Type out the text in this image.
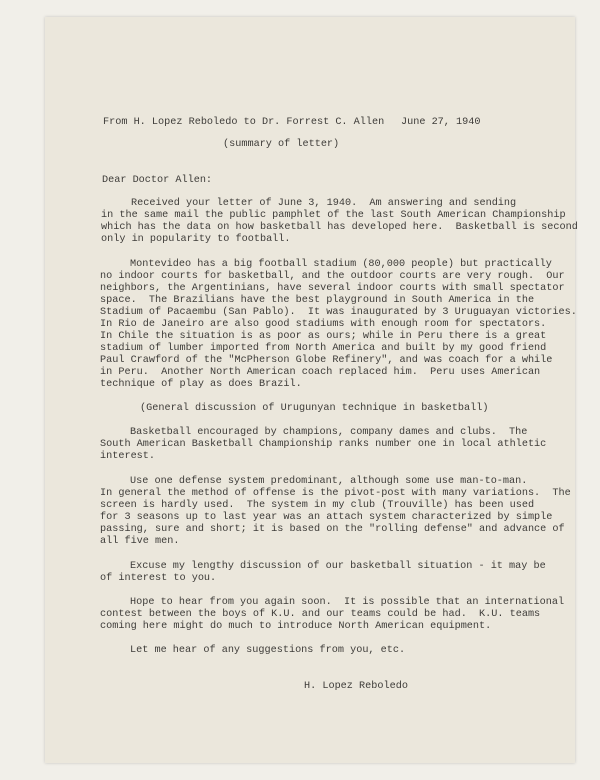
From H. Lopez Reboledo to Dr. Forrest C. Allen June 27, 1940

(summary of letter)

Dear Doctor Allen:

Received your letter of June 3, 1940.  Am answering and sending

in the same mail the public pamphlet of the last South American Championship

which has the data on how basketball has developed here.  Basketball is second

only in popularity to football.

Montevideo has a big football stadium (80,000 people) but practically

no indoor courts for basketball, and the outdoor courts are very rough.  Our

neighbors, the Argentinians, have several indoor courts with small spectator

space.  The Brazilians have the best playground in South America in the

Stadium of Pacaembu (San Pablo).  It was inaugurated by 3 Uruguayan victories.

In Rio de Janeiro are also good stadiums with enough room for spectators.

In Chile the situation is as poor as ours; while in Peru there is a great

stadium of lumber imported from North America and built by my good friend

Paul Crawford of the "McPherson Globe Refinery", and was coach for a while

in Peru.  Another North American coach replaced him.  Peru uses American

technique of play as does Brazil.

(General discussion of Urugunyan technique in basketball)

Basketball encouraged by champions, company dames and clubs.  The

South American Basketball Championship ranks number one in local athletic

interest.

Use one defense system predominant, although some use man-to-man.

In general the method of offense is the pivot-post with many variations.  The

screen is hardly used.  The system in my club (Trouville) has been used

for 3 seasons up to last year was an attach system characterized by simple

passing, sure and short; it is based on the "rolling defense" and advance of

all five men.

Excuse my lengthy discussion of our basketball situation - it may be

of interest to you.

Hope to hear from you again soon.  It is possible that an international

contest between the boys of K.U. and our teams could be had.  K.U. teams

coming here might do much to introduce North American equipment.

Let me hear of any suggestions from you, etc.

H. Lopez Reboledo
